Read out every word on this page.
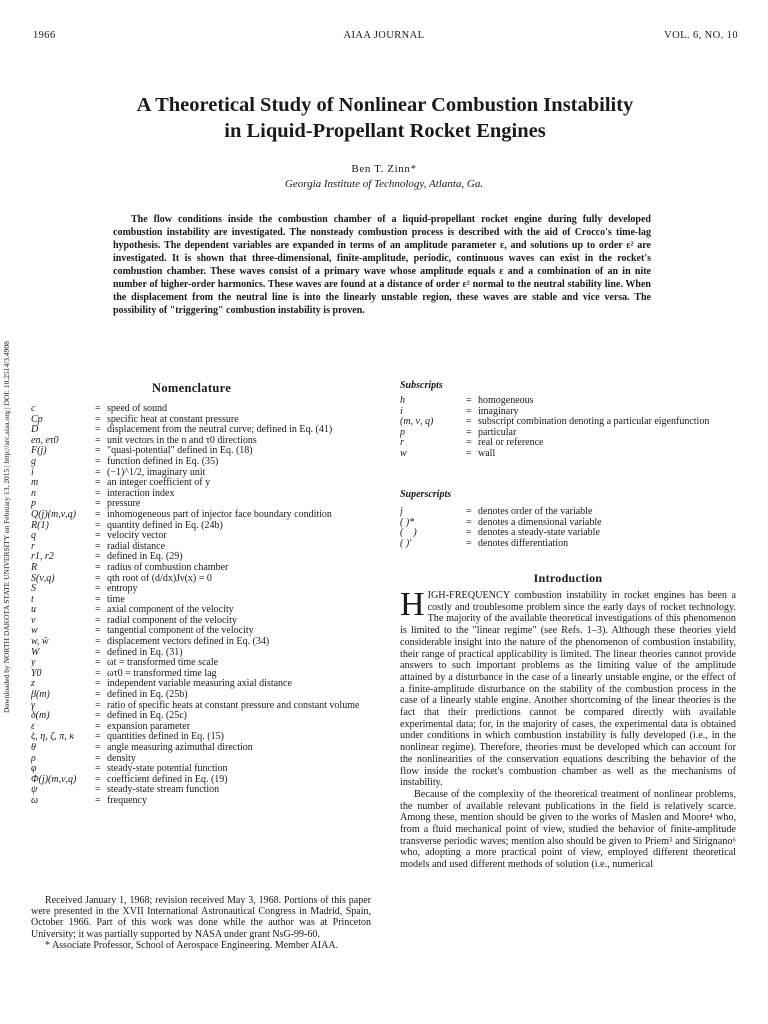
1966	AIAA JOURNAL	VOL. 6, NO. 10
A Theoretical Study of Nonlinear Combustion Instability
in Liquid-Propellant Rocket Engines
Ben T. Zinn*
Georgia Institute of Technology, Atlanta, Ga.
The flow conditions inside the combustion chamber of a liquid-propellant rocket engine during fully developed combustion instability are investigated. The nonsteady combustion process is described with the aid of Crocco's time-lag hypothesis. The dependent variables are expanded in terms of an amplitude parameter ε, and solutions up to order ε² are investigated. It is shown that three-dimensional, finite-amplitude, periodic, continuous waves can exist in the rocket's combustion chamber. These waves consist of a primary wave whose amplitude equals ε and a combination of an in nite number of higher-order harmonics. These waves are found at a distance of order ε² normal to the neutral stability line. When the displacement from the neutral line is into the linearly unstable region, these waves are stable and vice versa. The possibility of "triggering" combustion instability is proven.
Downloaded by NORTH DAKOTA STATE UNIVERSITY on February 13, 2015 | http://arc.aiaa.org | DOI: 10.2514/3.4908	Nomenclature
c	= speed of sound
Cp	= specific heat at constant pressure
D	= displacement from the neutral curve; defined in Eq. (41)
en, eτ0	= unit vectors in the n and τ0 directions
F(j)	= "quasi-potential" defined in Eq. (18)
g	= function defined in Eq. (35)
i	= (−1)^1/2, imaginary unit
m	= an integer coefficient of y
n	= interaction index
p	= pressure
Q(j)(m,ν,q)	= inhomogeneous part of injector face boundary condition
R(1)	= quantity defined in Eq. (24b)
q	= velocity vector
r	= radial distance
r1, r2	= defined in Eq. (29)
R	= radius of combustion chamber
S(ν,q)	= qth root of (d/dx)Jν(x) = 0
S	= entropy
t	= time
u	= axial component of the velocity
v	= radial component of the velocity
w	= tangential component of the velocity
w, ŵ	= displacement vectors defined in Eq. (34)
W	= defined in Eq. (31)
y	= ωt = transformed time scale
Y0	= ωτ0 = transformed time lag
z	= independent variable measuring axial distance
β(m)	= defined in Eq. (25b)
γ	= ratio of specific heats at constant pressure and constant volume
δ(m)	= defined in Eq. (25c)
ε	= expansion parameter
ξ, η, ζ, π, κ	= quantities defined in Eq. (15)
θ	= angle measuring azimuthal direction
ρ	= density
φ	= steady-state potential function
Φ(j)(m,ν,q)	= coefficient defined in Eq. (19)
ψ	= steady-state stream function
ω	= frequency
Subscripts
h	= homogeneous
i	= imaginary
(m, ν, q)	= subscript combination denoting a particular eigenfunction
p	= particular
r	= real or reference
w	= wall
Superscripts
j	= denotes order of the variable
( )*	= denotes a dimensional variable
( ¯ )	= denotes a steady-state variable
( )′	= denotes differentiation
Introduction

HIGH-FREQUENCY combustion instability in rocket engines has been a costly and troublesome problem since the early days of rocket technology. The majority of the available theoretical investigations of this phenomenon is limited to the "linear regime" (see Refs. 1–3). Although these theories yield considerable insight into the nature of the phenomenon of combustion instability, their range of practical applicability is limited. The linear theories cannot provide answers to such important problems as the limiting value of the amplitude attained by a disturbance in the case of a linearly unstable engine, or the effect of a finite-amplitude disturbance on the stability of the combustion process in the case of a linearly stable engine. Another shortcoming of the linear theories is the fact that their predictions cannot be compared directly with available experimental data; for, in the majority of cases, the experimental data is obtained under conditions in which combustion instability is fully developed (i.e., in the nonlinear regime). Therefore, theories must be developed which can account for the nonlinearities of the conservation equations describing the behavior of the flow inside the rocket's combustion chamber as well as the mechanisms of instability.

Because of the complexity of the theoretical treatment of nonlinear problems, the number of available relevant publications in the field is relatively scarce. Among these, mention should be given to the works of Maslen and Moore⁴ who, from a fluid mechanical point of view, studied the behavior of finite-amplitude transverse periodic waves; mention also should be given to Priem⁵ and Sirignano⁶ who, adopting a more practical point of view, employed different theoretical models and used different methods of solution (i.e., numerical

Received January 1, 1968; revision received May 3, 1968. Portions of this paper were presented in the XVII International Astronautical Congress in Madrid, Spain, October 1966. Part of this work was done while the author was at Princeton University; it was partially supported by NASA under grant NsG-99-60.

* Associate Professor, School of Aerospace Engineering. Member AIAA.
